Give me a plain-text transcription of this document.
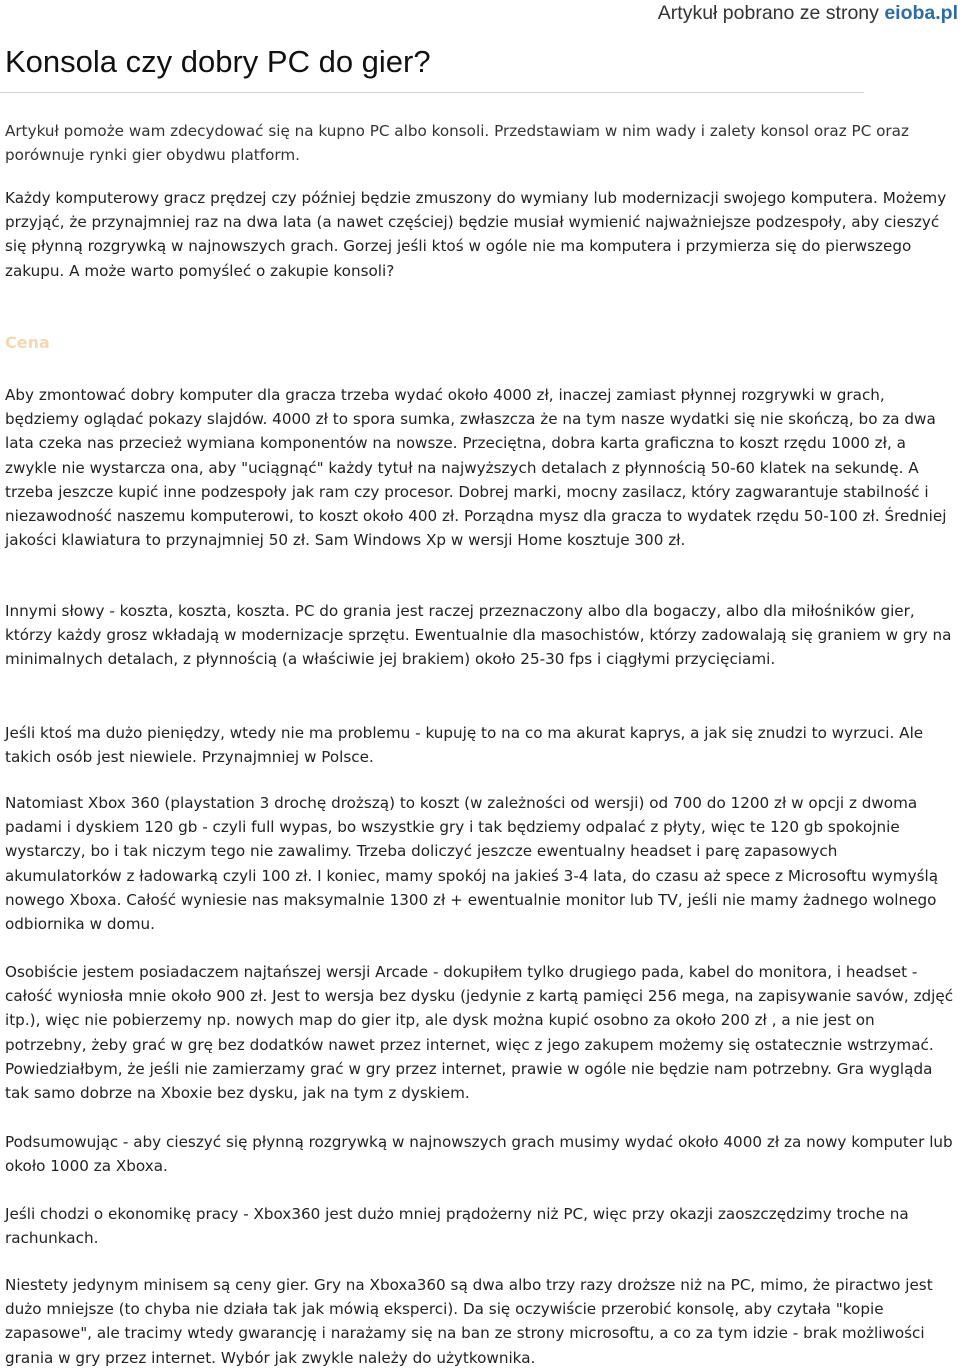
Artykuł pobrano ze strony eioba.pl
Konsola czy dobry PC do gier?

Artykuł pomoże wam zdecydować się na kupno PC albo konsoli. Przedstawiam w nim wady i zalety konsol oraz PC oraz porównuje rynki gier obydwu platform.

Każdy komputerowy gracz prędzej czy później będzie zmuszony do wymiany lub modernizacji swojego komputera. Możemy przyjąć, że przynajmniej raz na dwa lata (a nawet częściej) będzie musiał wymienić najważniejsze podzespoły, aby cieszyć się płynną rozgrywką w najnowszych grach. Gorzej jeśli ktoś w ogóle nie ma komputera i przymierza się do pierwszego zakupu. A może warto pomyśleć o zakupie konsoli?

Cena

Aby zmontować dobry komputer dla gracza trzeba wydać około 4000 zł, inaczej zamiast płynnej rozgrywki w grach, będziemy oglądać pokazy slajdów. 4000 zł to spora sumka, zwłaszcza że na tym nasze wydatki się nie skończą, bo za dwa lata czeka nas przecież wymiana komponentów na nowsze. Przeciętna, dobra karta graficzna to koszt rzędu 1000 zł, a zwykle nie wystarcza ona, aby "uciągnąć" każdy tytuł na najwyższych detalach z płynnością 50-60 klatek na sekundę. A trzeba jeszcze kupić inne podzespoły jak ram czy procesor. Dobrej marki, mocny zasilacz, który zagwarantuje stabilność i niezawodność naszemu komputerowi, to koszt około 400 zł. Porządna mysz dla gracza to wydatek rzędu 50-100 zł. Średniej jakości klawiatura to przynajmniej 50 zł. Sam Windows Xp w wersji Home kosztuje 300 zł.

Innymi słowy - koszta, koszta, koszta. PC do grania jest raczej przeznaczony albo dla bogaczy, albo dla miłośników gier, którzy każdy grosz wkładają w modernizacje sprzętu. Ewentualnie dla masochistów, którzy zadowalają się graniem w gry na minimalnych detalach, z płynnością (a właściwie jej brakiem) około 25-30 fps i ciągłymi przycięciami.

Jeśli ktoś ma dużo pieniędzy, wtedy nie ma problemu - kupuję to na co ma akurat kaprys, a jak się znudzi to wyrzuci. Ale takich osób jest niewiele. Przynajmniej w Polsce.

Natomiast Xbox 360 (playstation 3 drochę droższą) to koszt (w zależności od wersji) od 700 do 1200 zł w opcji z dwoma padami i dyskiem 120 gb - czyli full wypas, bo wszystkie gry i tak będziemy odpalać z płyty, więc te 120 gb spokojnie wystarczy, bo i tak niczym tego nie zawalimy. Trzeba doliczyć jeszcze ewentualny headset i parę zapasowych akumulatorków z ładowarką czyli 100 zł. I koniec, mamy spokój na jakieś 3-4 lata, do czasu aż spece z Microsoftu wymyślą nowego Xboxa. Całość wyniesie nas maksymalnie 1300 zł + ewentualnie monitor lub TV, jeśli nie mamy żadnego wolnego odbiornika w domu.

Osobiście jestem posiadaczem najtańszej wersji Arcade - dokupiłem tylko drugiego pada, kabel do monitora, i headset - całość wyniosła mnie około 900 zł. Jest to wersja bez dysku (jedynie z kartą pamięci 256 mega, na zapisywanie savów, zdjęć itp.), więc nie pobierzemy np. nowych map do gier itp, ale dysk można kupić osobno za około 200 zł , a nie jest on potrzebny, żeby grać w grę bez dodatków nawet przez internet, więc z jego zakupem możemy się ostatecznie wstrzymać. Powiedziałbym, że jeśli nie zamierzamy grać w gry przez internet, prawie w ogóle nie będzie nam potrzebny. Gra wygląda tak samo dobrze na Xboxie bez dysku, jak na tym z dyskiem.

Podsumowując - aby cieszyć się płynną rozgrywką w najnowszych grach musimy wydać około 4000 zł za nowy komputer lub około 1000 za Xboxa.

Jeśli chodzi o ekonomikę pracy - Xbox360 jest dużo mniej prądożerny niż PC, więc przy okazji zaoszczędzimy troche na rachunkach.

Niestety jedynym minisem są ceny gier. Gry na Xboxa360 są dwa albo trzy razy droższe niż na PC, mimo, że piractwo jest dużo mniejsze (to chyba nie działa tak jak mówią eksperci). Da się oczywiście przerobić konsolę, aby czytała "kopie zapasowe", ale tracimy wtedy gwarancję i narażamy się na ban ze strony microsoftu, a co za tym idzie - brak możliwości grania w gry przez internet. Wybór jak zwykle należy do użytkownika.
